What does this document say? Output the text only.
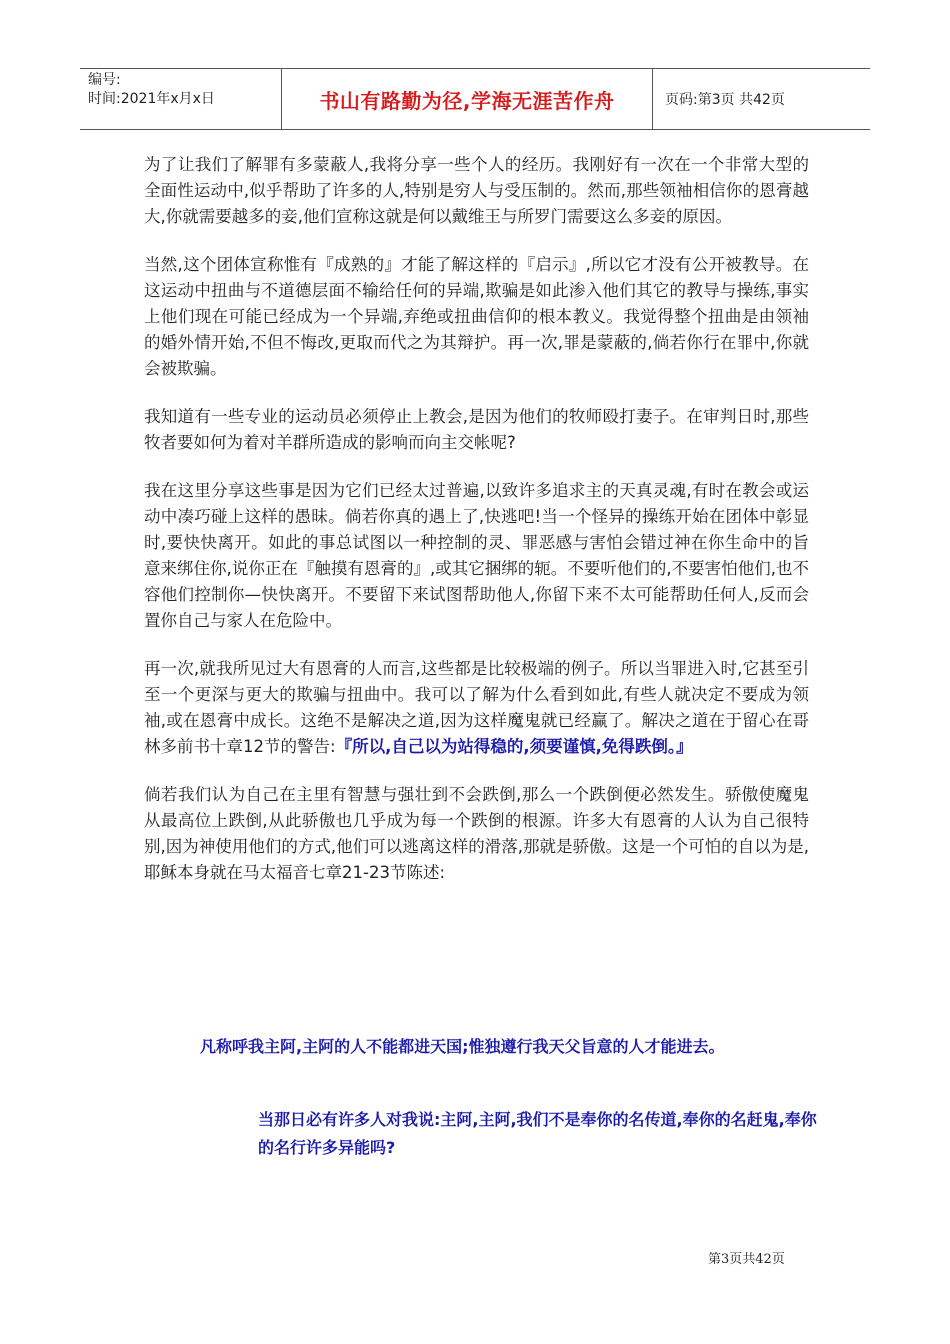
编号:
时间:2021年x月x日	书山有路勤为径,学海无涯苦作舟	页码:第3页 共42页

为了让我们了解罪有多蒙蔽人,我将分享一些个人的经历。我刚好有一次在一个非常大型的全面性运动中,似乎帮助了许多的人,特别是穷人与受压制的。然而,那些领袖相信你的恩膏越大,你就需要越多的妾,他们宣称这就是何以戴维王与所罗门需要这么多妾的原因。

当然,这个团体宣称惟有『成熟的』才能了解这样的『启示』,所以它才没有公开被教导。在这运动中扭曲与不道德层面不输给任何的异端,欺骗是如此渗入他们其它的教导与操练,事实上他们现在可能已经成为一个异端,弃绝或扭曲信仰的根本教义。我觉得整个扭曲是由领袖的婚外情开始,不但不悔改,更取而代之为其辩护。再一次,罪是蒙蔽的,倘若你行在罪中,你就会被欺骗。

我知道有一些专业的运动员必须停止上教会,是因为他们的牧师殴打妻子。在审判日时,那些牧者要如何为着对羊群所造成的影响而向主交帐呢?

我在这里分享这些事是因为它们已经太过普遍,以致许多追求主的天真灵魂,有时在教会或运动中凑巧碰上这样的愚昧。倘若你真的遇上了,快逃吧!当一个怪异的操练开始在团体中彰显时,要快快离开。如此的事总试图以一种控制的灵、罪恶感与害怕会错过神在你生命中的旨意来绑住你,说你正在『触摸有恩膏的』,或其它捆绑的轭。不要听他们的,不要害怕他们,也不容他们控制你—快快离开。不要留下来试图帮助他人,你留下来不太可能帮助任何人,反而会置你自己与家人在危险中。

再一次,就我所见过大有恩膏的人而言,这些都是比较极端的例子。所以当罪进入时,它甚至引至一个更深与更大的欺骗与扭曲中。我可以了解为什么看到如此,有些人就决定不要成为领袖,或在恩膏中成长。这绝不是解决之道,因为这样魔鬼就已经赢了。解决之道在于留心在哥林多前书十章12节的警告:『所以,自己以为站得稳的,须要谨慎,免得跌倒。』

倘若我们认为自己在主里有智慧与强壮到不会跌倒,那么一个跌倒便必然发生。骄傲使魔鬼从最高位上跌倒,从此骄傲也几乎成为每一个跌倒的根源。许多大有恩膏的人认为自己很特别,因为神使用他们的方式,他们可以逃离这样的滑落,那就是骄傲。这是一个可怕的自以为是,耶稣本身就在马太福音七章21-23节陈述:

凡称呼我主阿,主阿的人不能都进天国;惟独遵行我天父旨意的人才能进去。
当那日必有许多人对我说:主阿,主阿,我们不是奉你的名传道,奉你的名赶鬼,奉你的名行许多异能吗?
第3页共42页
